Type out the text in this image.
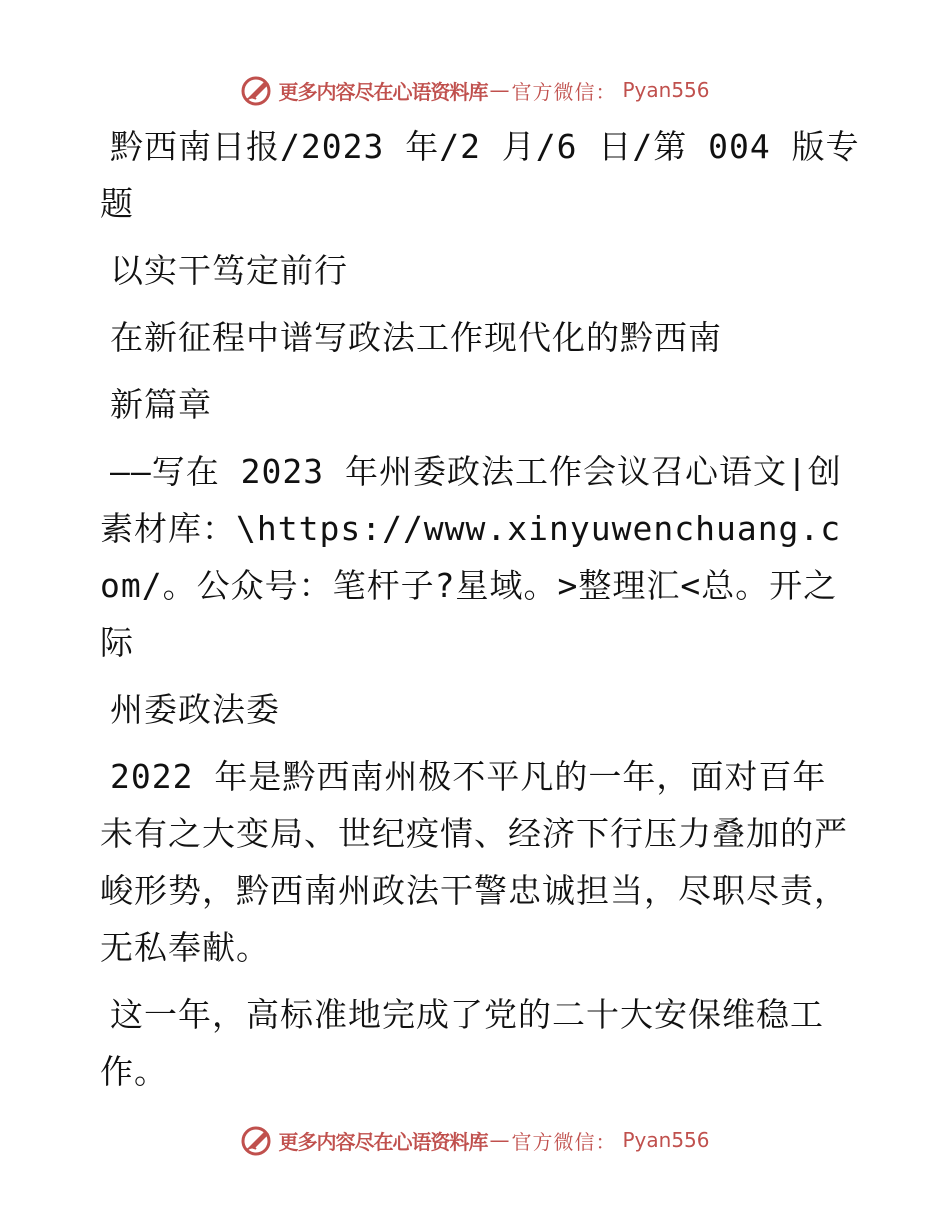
更多内容尽在心语资料库 — 官方微信： Pyan556

黔西南日报/2023 年/2 月/6 日/第 004 版专题

以实干笃定前行

在新征程中谱写政法工作现代化的黔西南

新篇章

——写在 2023 年州委政法工作会议召心语文|创素材库：\https://www.xinyuwenchuang.com/。公众号：笔杆子?星域。>整理汇<总。开之际

州委政法委

2022 年是黔西南州极不平凡的一年，面对百年未有之大变局、世纪疫情、经济下行压力叠加的严峻形势，黔西南州政法干警忠诚担当，尽职尽责，无私奉献。

这一年，高标准地完成了党的二十大安保维稳工作。

更多内容尽在心语资料库 — 官方微信： Pyan556
